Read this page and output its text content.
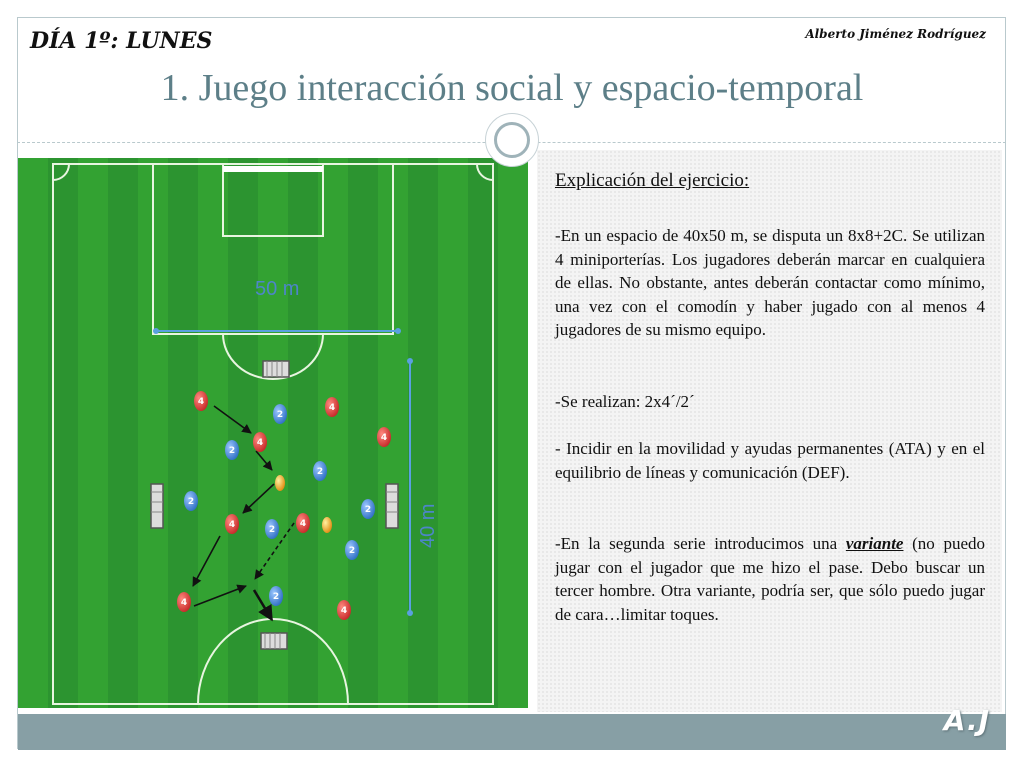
DÍA 1º: LUNES	Alberto Jiménez Rodríguez
1. Juego interacción social y espacio-temporal
50 m
40 m
4
4
4	4
4	4
4
4
2
2
2
2
2
2
2
2
Explicación del ejercicio:

-En un espacio de 40x50 m, se disputa un 8x8+2C. Se utilizan 4 miniporterías. Los jugadores deberán marcar en cualquiera de ellas. No obstante, antes deberán contactar como mínimo, una vez con el comodín y haber jugado con al menos 4 jugadores de su mismo equipo.

-Se realizan: 2x4´/2´

- Incidir en la movilidad y ayudas permanentes (ATA) y en el equilibrio de líneas y comunicación (DEF).

-En la segunda serie introducimos una variante (no puedo jugar con el jugador que me hizo el pase. Debo buscar un tercer hombre. Otra variante, podría ser, que sólo puedo jugar de cara…limitar toques.

A.J
